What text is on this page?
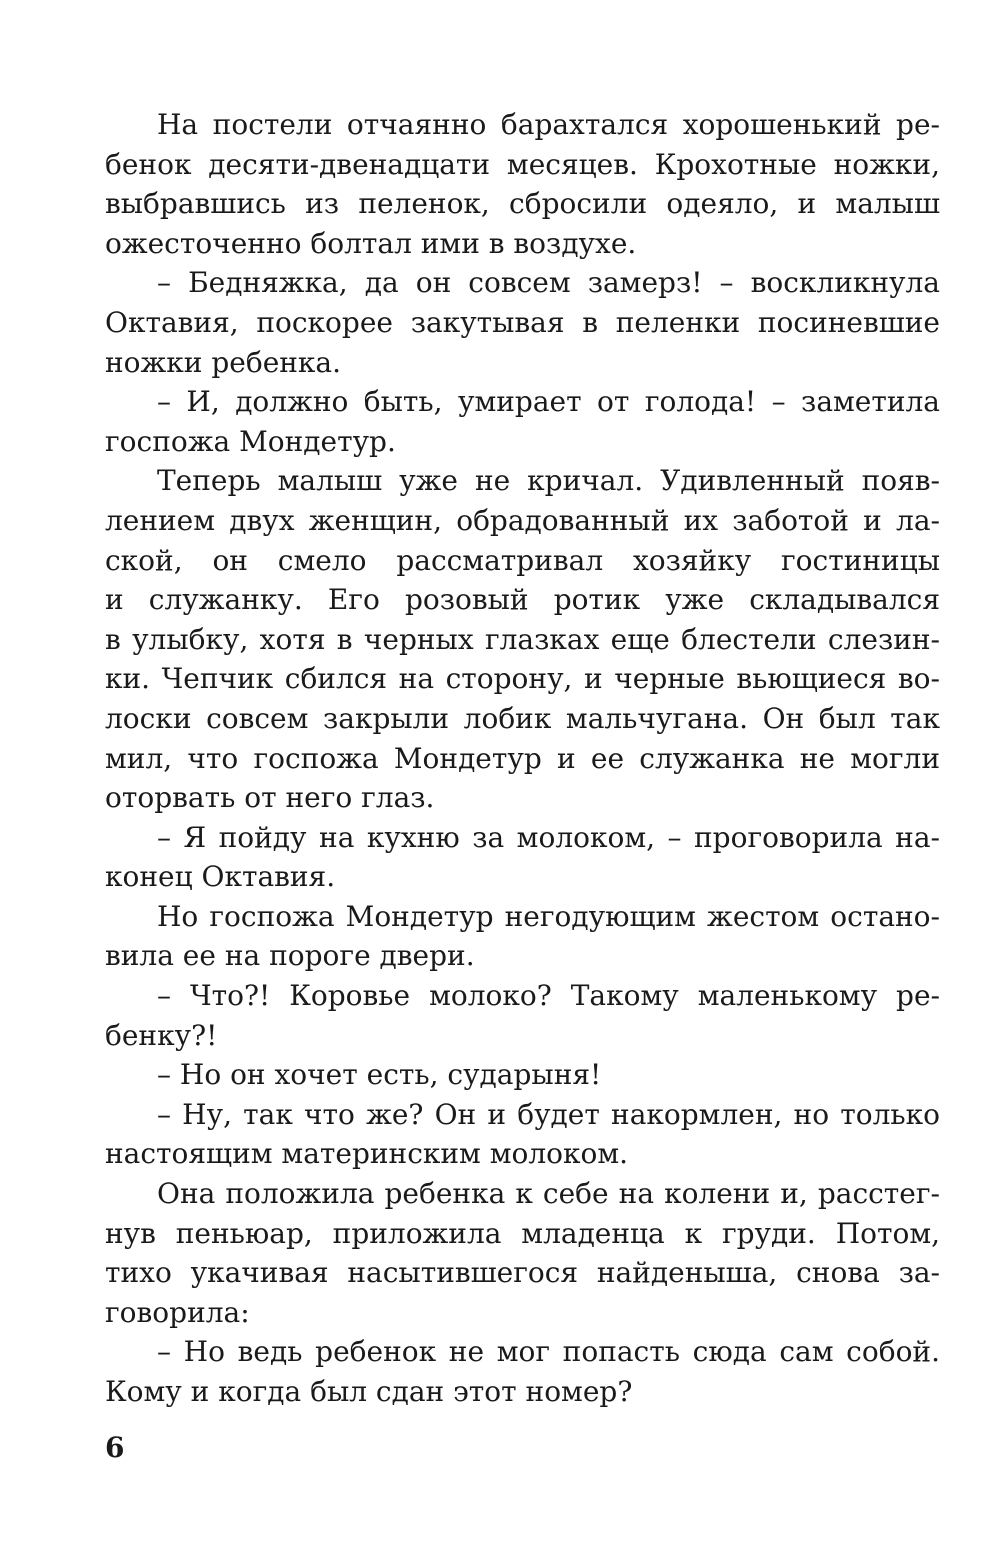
На постели отчаянно барахтался хорошенький ре-
бенок десяти-двенадцати месяцев. Крохотные ножки,
выбравшись из пеленок, сбросили одеяло, и малыш
ожесточенно болтал ими в воздухе.
– Бедняжка, да он совсем замерз! – воскликнула
Октавия, поскорее закутывая в пеленки посиневшие
ножки ребенка.
– И, должно быть, умирает от голода! – заметила
госпожа Мондетур.
Теперь малыш уже не кричал. Удивленный появ-
лением двух женщин, обрадованный их заботой и ла-
ской, он смело рассматривал хозяйку гостиницы
и служанку. Его розовый ротик уже складывался
в улыбку, хотя в черных глазках еще блестели слезин-
ки. Чепчик сбился на сторону, и черные вьющиеся во-
лоски совсем закрыли лобик мальчугана. Он был так
мил, что госпожа Мондетур и ее служанка не могли
оторвать от него глаз.
– Я пойду на кухню за молоком, – проговорила на-
конец Октавия.
Но госпожа Мондетур негодующим жестом остано-
вила ее на пороге двери.
– Что?! Коровье молоко? Такому маленькому ре-
бенку?!
– Но он хочет есть, сударыня!
– Ну, так что же? Он и будет накормлен, но только
настоящим материнским молоком.
Она положила ребенка к себе на колени и, расстег-
нув пеньюар, приложила младенца к груди. Потом,
тихо укачивая насытившегося найденыша, снова за-
говорила:
– Но ведь ребенок не мог попасть сюда сам собой.
Кому и когда был сдан этот номер?
6
